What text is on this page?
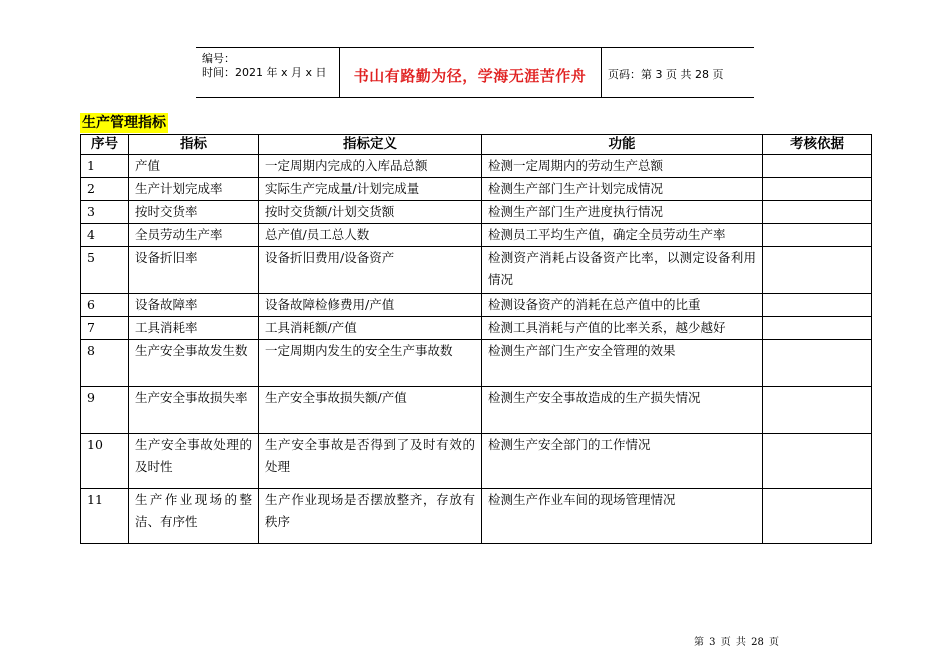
编号：
时间：2021 年 x 月 x 日	书山有路勤为径，学海无涯苦作舟	页码：第 3 页 共 28 页
生产管理指标
序号	指标	指标定义	功能	考核依据

1	产值	一定周期内完成的入库品总额	检测一定周期内的劳动生产总额	

2	生产计划完成率	实际生产完成量/计划完成量	检测生产部门生产计划完成情况	

3	按时交货率	按时交货额/计划交货额	检测生产部门生产进度执行情况	

4	全员劳动生产率	总产值/员工总人数	检测员工平均生产值，确定全员劳动生产率	

5	设备折旧率	设备折旧费用/设备资产	检测资产消耗占设备资产比率，以测定设备利用情况	

6	设备故障率	设备故障检修费用/产值	检测设备资产的消耗在总产值中的比重	

7	工具消耗率	工具消耗额/产值	检测工具消耗与产值的比率关系，越少越好	

8	生产安全事故发生数	一定周期内发生的安全生产事故数	检测生产部门生产安全管理的效果	

9	生产安全事故损失率	生产安全事故损失额/产值	检测生产安全事故造成的生产损失情况	

10	生产安全事故处理的及时性	生产安全事故是否得到了及时有效的处理	检测生产安全部门的工作情况	

11	生产作业现场的整洁、有序性	生产作业现场是否摆放整齐，存放有秩序	检测生产作业车间的现场管理情况	

第 3 页 共 28 页
